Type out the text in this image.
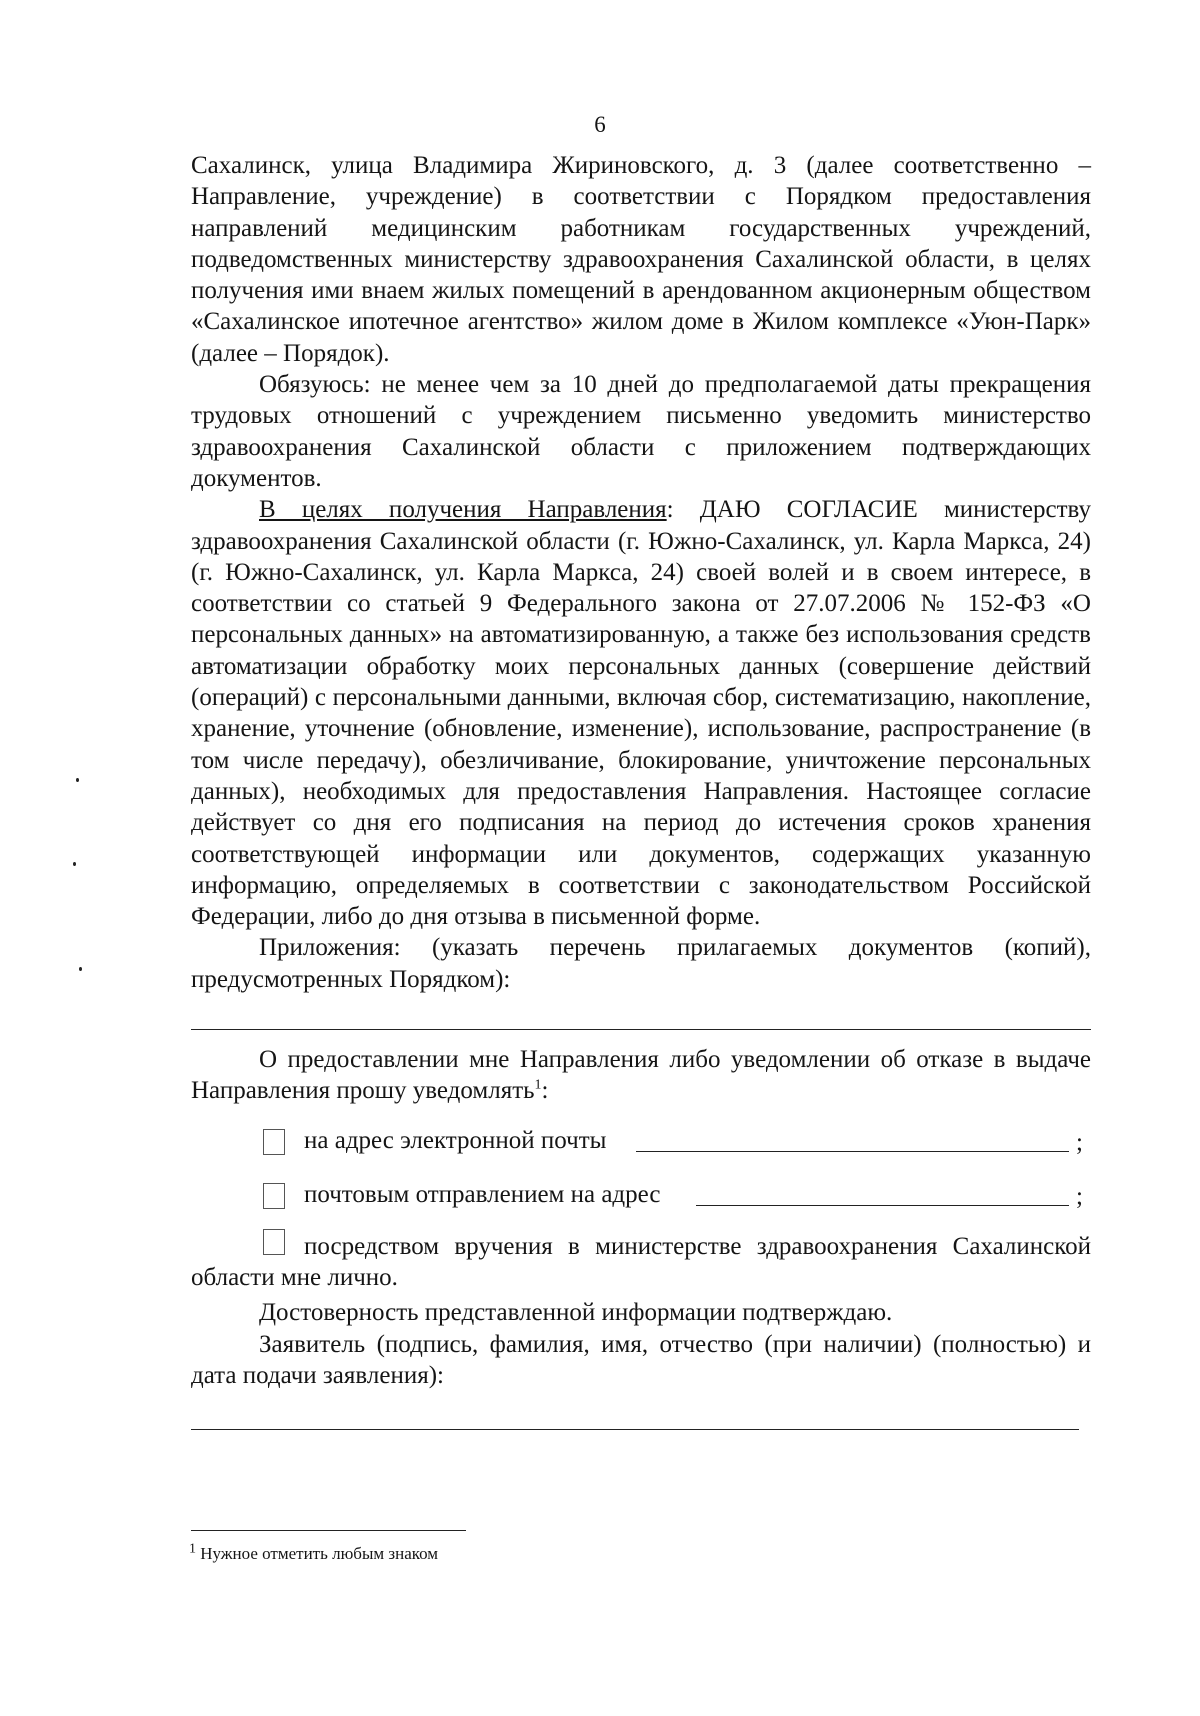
6

Сахалинск, улица Владимира Жириновского, д. 3 (далее соответственно – Направление, учреждение) в соответствии с Порядком предоставления направлений медицинским работникам государственных учреждений, подведомственных министерству здравоохранения Сахалинской области, в целях получения ими внаем жилых помещений в арендованном акционерным обществом «Сахалинское ипотечное агентство» жилом доме в Жилом комплексе «Уюн-Парк» (далее – Порядок).

Обязуюсь: не менее чем за 10 дней до предполагаемой даты прекращения трудовых отношений с учреждением письменно уведомить министерство здравоохранения Сахалинской области с приложением подтверждающих документов.

В целях получения Направления: ДАЮ СОГЛАСИЕ министерству здравоохранения Сахалинской области (г. Южно-Сахалинск, ул. Карла Маркса, 24) (г. Южно-Сахалинск, ул. Карла Маркса, 24) своей волей и в своем интересе, в соответствии со статьей 9 Федерального закона от 27.07.2006 № 152-ФЗ «О персональных данных» на автоматизированную, а также без использования средств автоматизации обработку моих персональных данных (совершение действий (операций) с персональными данными, включая сбор, систематизацию, накопление, хранение, уточнение (обновление, изменение), использование, распространение (в том числе передачу), обезличивание, блокирование, уничтожение персональных данных), необходимых для предоставления Направления. Настоящее согласие действует со дня его подписания на период до истечения сроков хранения соответствующей информации или документов, содержащих указанную информацию, определяемых в соответствии с законодательством Российской Федерации, либо до дня отзыва в письменной форме.

Приложения: (указать перечень прилагаемых документов (копий), предусмотренных Порядком):

О предоставлении мне Направления либо уведомлении об отказе в выдаче Направления прошу уведомлять$^1$:

на адрес электронной почты	;
почтовым отправлением на адрес	;

посредством вручения в министерстве здравоохранения Сахалинской области мне лично.

Достоверность представленной информации подтверждаю.

Заявитель (подпись, фамилия, имя, отчество (при наличии) (полностью) и дата подачи заявления):

$^1$ Нужное отметить любым знаком
